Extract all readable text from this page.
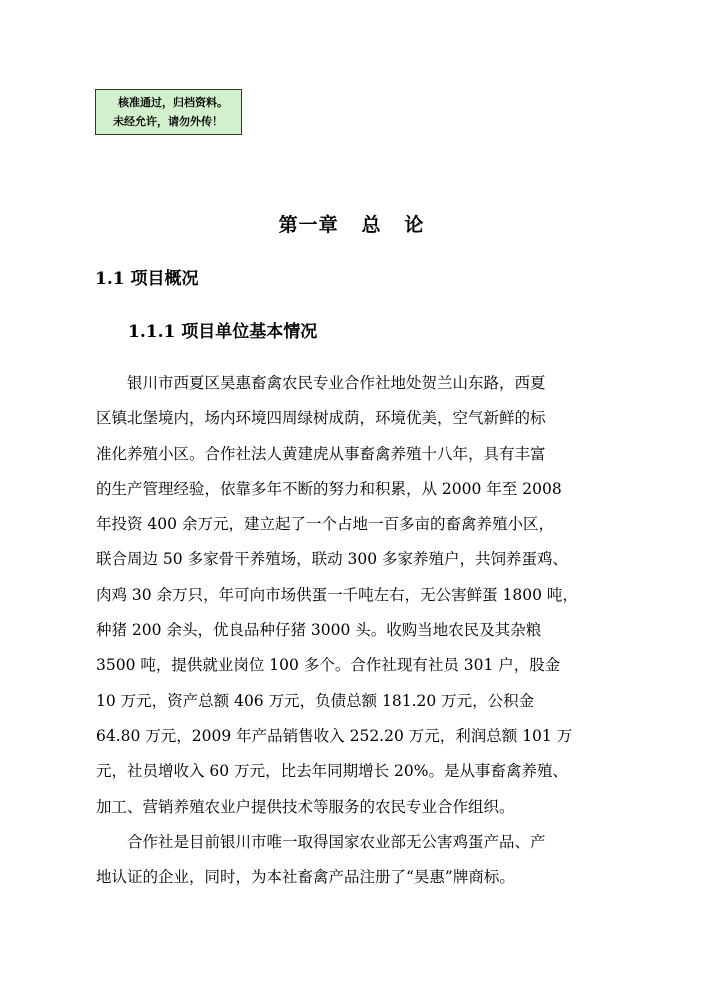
核准通过，归档资料。
未经允许，请勿外传！
第一章   总   论
1.1 项目概况
1.1.1 项目单位基本情况
银川市西夏区昊惠畜禽农民专业合作社地处贺兰山东路，西夏
区镇北堡境内，场内环境四周绿树成荫，环境优美，空气新鲜的标
准化养殖小区。合作社法人黄建虎从事畜禽养殖十八年，具有丰富
的生产管理经验，依靠多年不断的努力和积累，从 2000 年至 2008
年投资 400 余万元，建立起了一个占地一百多亩的畜禽养殖小区，
联合周边 50 多家骨干养殖场，联动 300 多家养殖户，共饲养蛋鸡、
肉鸡 30 余万只，年可向市场供蛋一千吨左右，无公害鲜蛋 1800 吨，
种猪 200 余头，优良品种仔猪 3000 头。收购当地农民及其杂粮
3500 吨，提供就业岗位 100 多个。合作社现有社员 301 户，股金
10 万元，资产总额 406 万元，负债总额 181.20 万元，公积金
64.80 万元，2009 年产品销售收入 252.20 万元，利润总额 101 万
元，社员增收入 60 万元，比去年同期增长 20%。是从事畜禽养殖、
加工、营销养殖农业户提供技术等服务的农民专业合作组织。
合作社是目前银川市唯一取得国家农业部无公害鸡蛋产品、产
地认证的企业，同时，为本社畜禽产品注册了“昊惠”牌商标。
